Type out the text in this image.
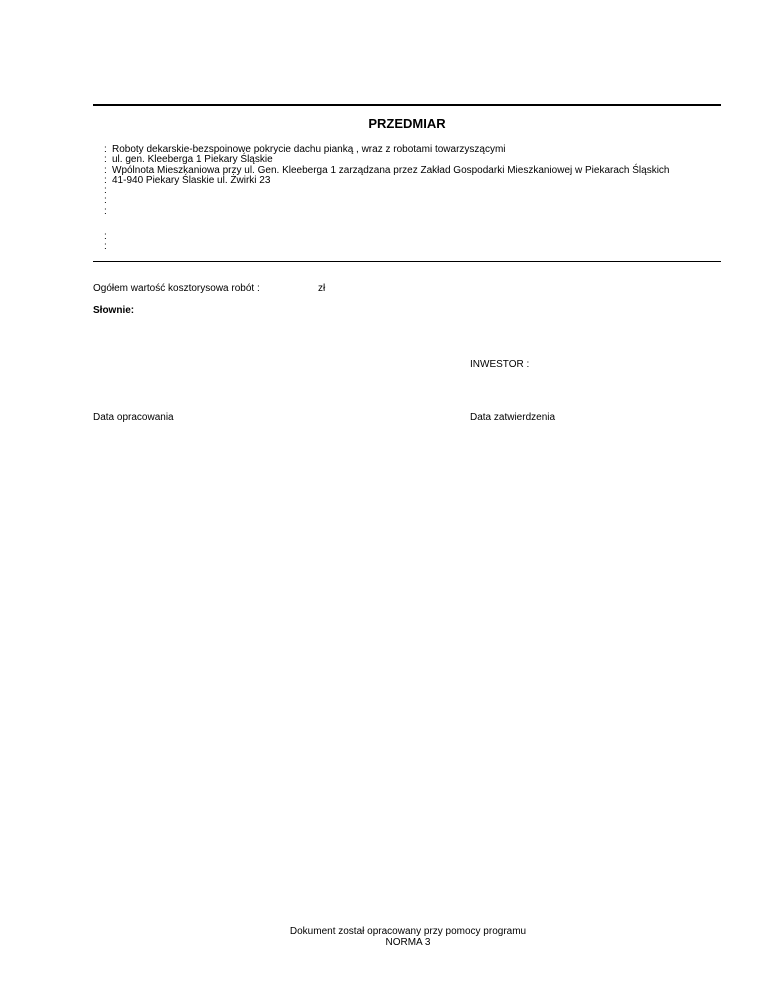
PRZEDMIAR
:
:
:
:
:
:
:
:
:
Roboty dekarskie-bezspoinowe pokrycie dachu pianką , wraz z robotami towarzyszącymi
ul. gen. Kleeberga 1 Piekary Śląskie
Wpólnota Mieszkaniowa przy ul. Gen. Kleeberga 1 zarządzana przez Zakład Gospodarki Mieszkaniowej w Piekarach Śląskich
41-940 Piekary Ślaskie ul. Żwirki 23
Ogółem wartość kosztorysowa robót :	zł
Słownie:
INWESTOR :
Data opracowania	Data zatwierdzenia
Dokument został opracowany przy pomocy programu
NORMA 3
